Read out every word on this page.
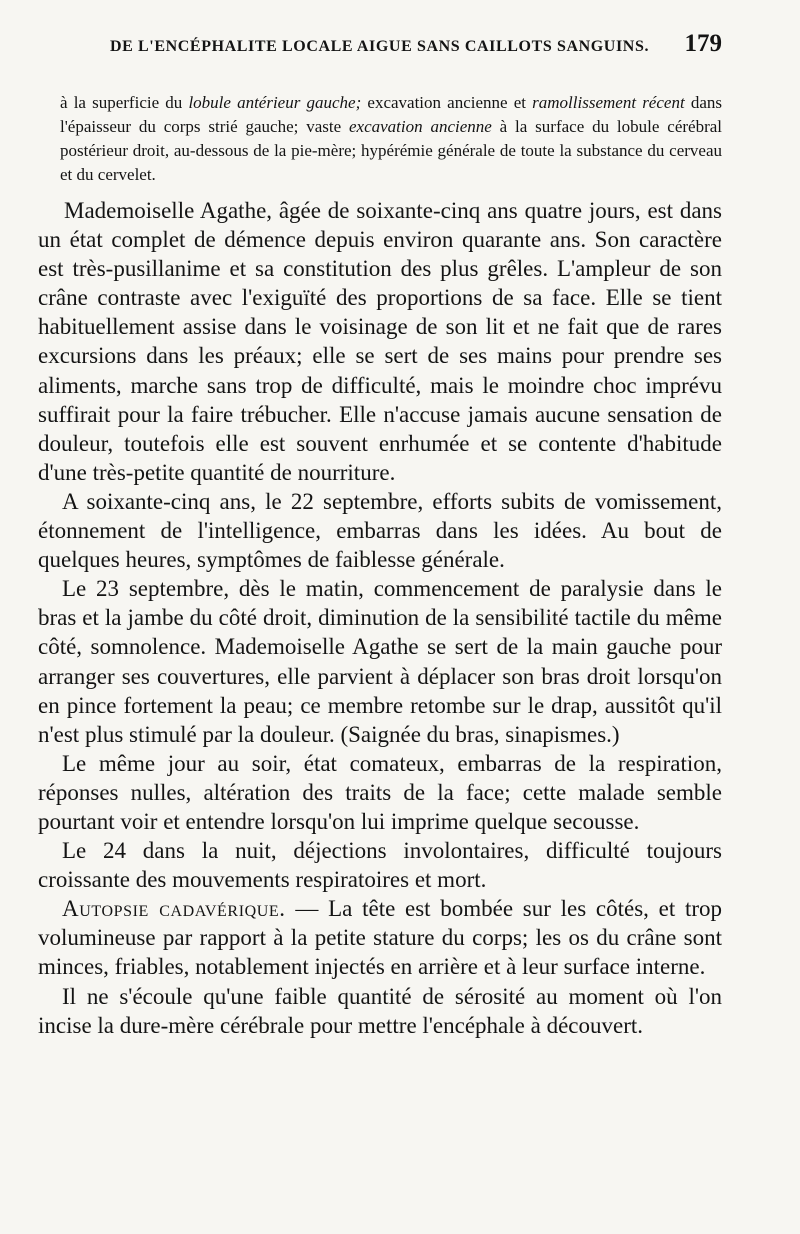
DE L'ENCÉPHALITE LOCALE AIGUE SANS CAILLOTS SANGUINS. 179

à la superficie du lobule antérieur gauche; excavation ancienne et ramollissement récent dans l'épaisseur du corps strié gauche; vaste excavation ancienne à la surface du lobule cérébral postérieur droit, au-dessous de la pie-mère; hypérémie générale de toute la substance du cerveau et du cervelet.

Mademoiselle Agathe, âgée de soixante-cinq ans quatre jours, est dans un état complet de démence depuis environ quarante ans. Son caractère est très-pusillanime et sa constitution des plus grêles. L'ampleur de son crâne contraste avec l'exiguïté des proportions de sa face. Elle se tient habituellement assise dans le voisinage de son lit et ne fait que de rares excursions dans les préaux; elle se sert de ses mains pour prendre ses aliments, marche sans trop de difficulté, mais le moindre choc imprévu suffirait pour la faire trébucher. Elle n'accuse jamais aucune sensation de douleur, toutefois elle est souvent enrhumée et se contente d'habitude d'une très-petite quantité de nourriture.

A soixante-cinq ans, le 22 septembre, efforts subits de vomissement, étonnement de l'intelligence, embarras dans les idées. Au bout de quelques heures, symptômes de faiblesse générale.

Le 23 septembre, dès le matin, commencement de paralysie dans le bras et la jambe du côté droit, diminution de la sensibilité tactile du même côté, somnolence. Mademoiselle Agathe se sert de la main gauche pour arranger ses couvertures, elle parvient à déplacer son bras droit lorsqu'on en pince fortement la peau; ce membre retombe sur le drap, aussitôt qu'il n'est plus stimulé par la douleur. (Saignée du bras, sinapismes.)

Le même jour au soir, état comateux, embarras de la respiration, réponses nulles, altération des traits de la face; cette malade semble pourtant voir et entendre lorsqu'on lui imprime quelque secousse.

Le 24 dans la nuit, déjections involontaires, difficulté toujours croissante des mouvements respiratoires et mort.

Autopsie cadavérique. — La tête est bombée sur les côtés, et trop volumineuse par rapport à la petite stature du corps; les os du crâne sont minces, friables, notablement injectés en arrière et à leur surface interne.

Il ne s'écoule qu'une faible quantité de sérosité au moment où l'on incise la dure-mère cérébrale pour mettre l'encéphale à découvert.
